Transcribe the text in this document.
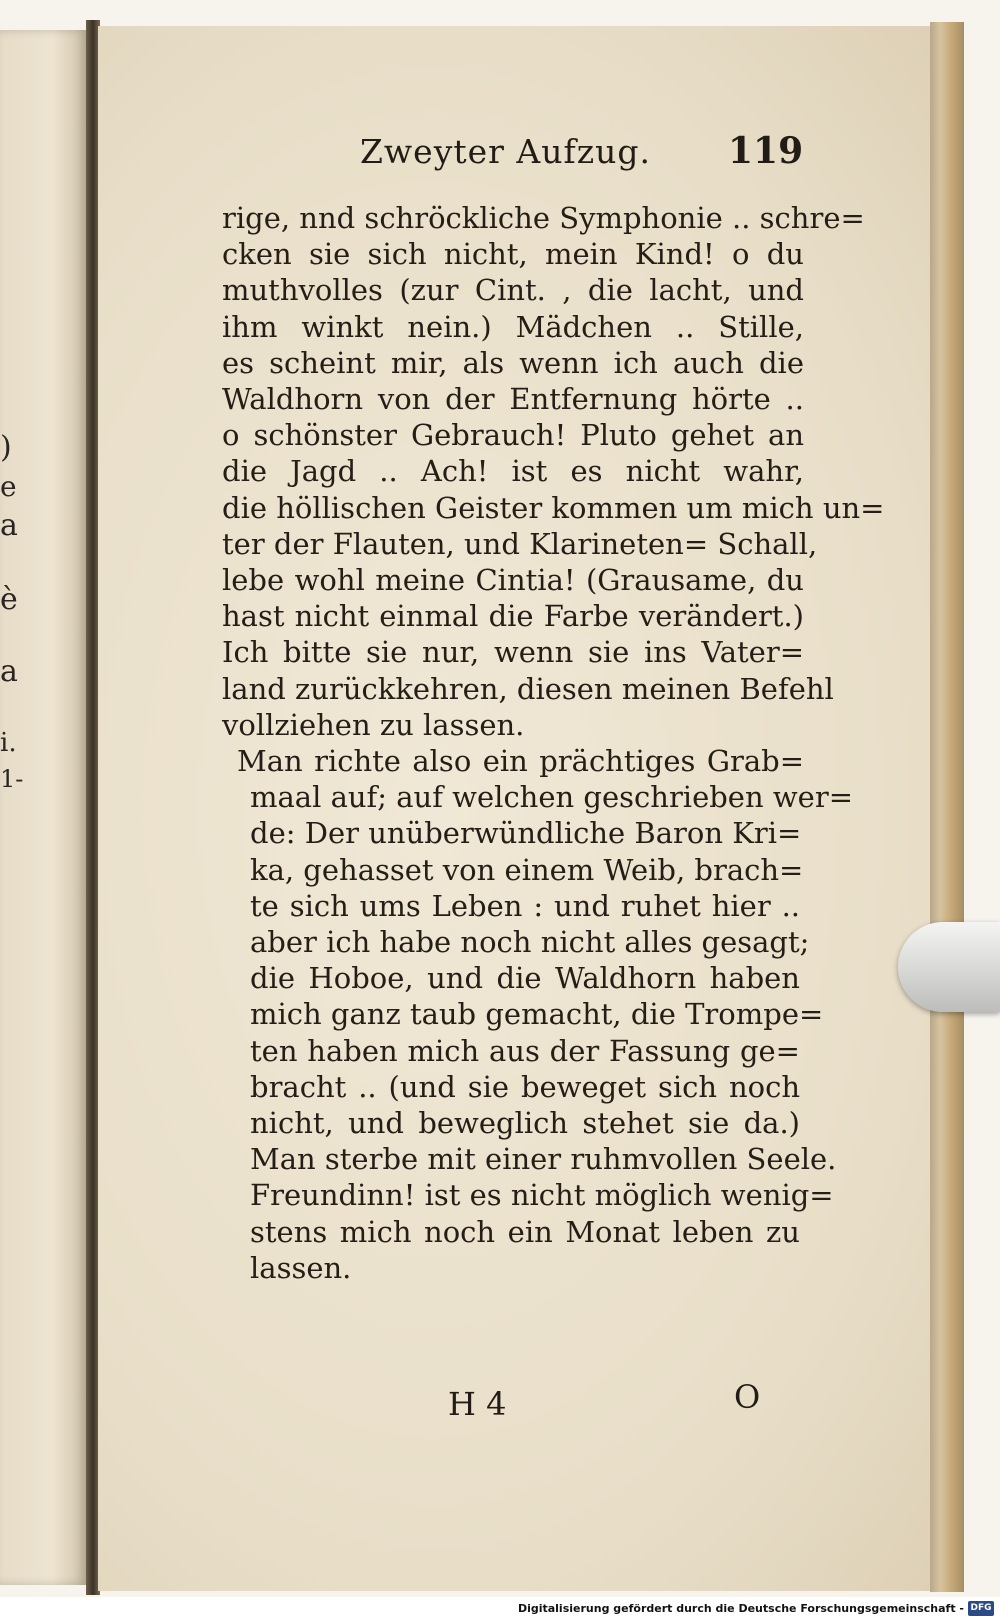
)
e
a
è
a
i.
1-
Zweyter Aufzug. 119
rige, nnd schröckliche Symphonie .. schre=
cken sie sich nicht, mein Kind! o du
muthvolles (zur Cint. , die lacht, und
ihm winkt nein.) Mädchen .. Stille,
es scheint mir, als wenn ich auch die
Waldhorn von der Entfernung hörte ..
o schönster Gebrauch! Pluto gehet an
die Jagd .. Ach! ist es nicht wahr,
die höllischen Geister kommen um mich un=
ter der Flauten, und Klarineten= Schall,
lebe wohl meine Cintia! (Grausame, du
hast nicht einmal die Farbe verändert.)
Ich bitte sie nur, wenn sie ins Vater=
land zurückkehren, diesen meinen Befehl
vollziehen zu lassen.
Man richte also ein prächtiges Grab=
maal auf; auf welchen geschrieben wer=
de: Der unüberwündliche Baron Kri=
ka, gehasset von einem Weib, brach=
te sich ums Leben : und ruhet hier ..
aber ich habe noch nicht alles gesagt;
die Hoboe, und die Waldhorn haben
mich ganz taub gemacht, die Trompe=
ten haben mich aus der Fassung ge=
bracht .. (und sie beweget sich noch
nicht, und beweglich stehet sie da.)
Man sterbe mit einer ruhmvollen Seele.
Freundinn! ist es nicht möglich wenig=
stens mich noch ein Monat leben zu
lassen.
H 4	O
Digitalisierung gefördert durch die Deutsche Forschungsgemeinschaft - DFG
